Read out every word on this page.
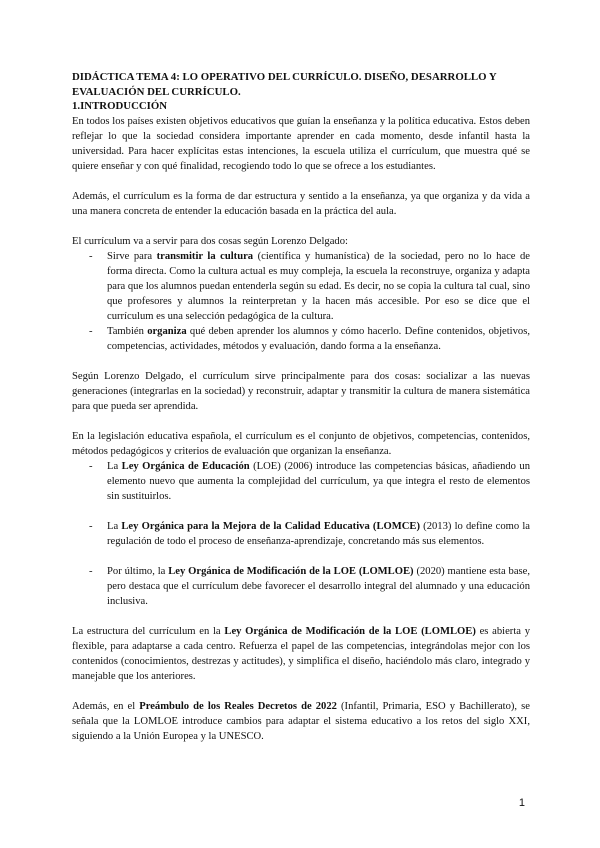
DIDÁCTICA TEMA 4: LO OPERATIVO DEL CURRÍCULO. DISEÑO, DESARROLLO Y EVALUACIÓN DEL CURRÍCULO.
1.INTRODUCCIÓN

En todos los países existen objetivos educativos que guían la enseñanza y la política educativa. Estos deben reflejar lo que la sociedad considera importante aprender en cada momento, desde infantil hasta la universidad. Para hacer explícitas estas intenciones, la escuela utiliza el currículum, que muestra qué se quiere enseñar y con qué finalidad, recogiendo todo lo que se ofrece a los estudiantes.

Además, el currículum es la forma de dar estructura y sentido a la enseñanza, ya que organiza y da vida a una manera concreta de entender la educación basada en la práctica del aula.

El currículum va a servir para dos cosas según Lorenzo Delgado:

- Sirve para transmitir la cultura (científica y humanística) de la sociedad, pero no lo hace de forma directa. Como la cultura actual es muy compleja, la escuela la reconstruye, organiza y adapta para que los alumnos puedan entenderla según su edad. Es decir, no se copia la cultura tal cual, sino que profesores y alumnos la reinterpretan y la hacen más accesible. Por eso se dice que el currículum es una selección pedagógica de la cultura.
- También organiza qué deben aprender los alumnos y cómo hacerlo. Define contenidos, objetivos, competencias, actividades, métodos y evaluación, dando forma a la enseñanza.

Según Lorenzo Delgado, el currículum sirve principalmente para dos cosas: socializar a las nuevas generaciones (integrarlas en la sociedad) y reconstruir, adaptar y transmitir la cultura de manera sistemática para que pueda ser aprendida.

En la legislación educativa española, el currículum es el conjunto de objetivos, competencias, contenidos, métodos pedagógicos y criterios de evaluación que organizan la enseñanza.

- La Ley Orgánica de Educación (LOE) (2006) introduce las competencias básicas, añadiendo un elemento nuevo que aumenta la complejidad del currículum, ya que integra el resto de elementos sin sustituirlos.
- La Ley Orgánica para la Mejora de la Calidad Educativa (LOMCE) (2013) lo define como la regulación de todo el proceso de enseñanza-aprendizaje, concretando más sus elementos.
- Por último, la Ley Orgánica de Modificación de la LOE (LOMLOE) (2020) mantiene esta base, pero destaca que el currículum debe favorecer el desarrollo integral del alumnado y una educación inclusiva.

La estructura del currículum en la Ley Orgánica de Modificación de la LOE (LOMLOE) es abierta y flexible, para adaptarse a cada centro. Refuerza el papel de las competencias, integrándolas mejor con los contenidos (conocimientos, destrezas y actitudes), y simplifica el diseño, haciéndolo más claro, integrado y manejable que los anteriores.

Además, en el Preámbulo de los Reales Decretos de 2022 (Infantil, Primaria, ESO y Bachillerato), se señala que la LOMLOE introduce cambios para adaptar el sistema educativo a los retos del siglo XXI, siguiendo a la Unión Europea y la UNESCO.

1
